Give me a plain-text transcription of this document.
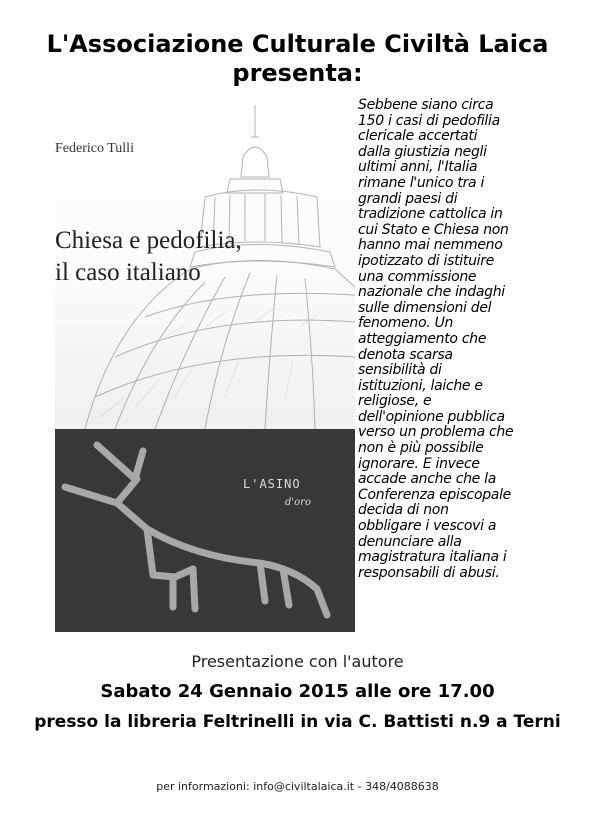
L'Associazione Culturale Civiltà Laica
presenta:
Federico Tulli
Chiesa e pedofilia,
il caso italiano
L'ASINO
d'oro
Sebbene siano circa
150 i casi di pedofilia
clericale accertati
dalla giustizia negli
ultimi anni, l'Italia
rimane l'unico tra i
grandi paesi di
tradizione cattolica in
cui Stato e Chiesa non
hanno mai nemmeno
ipotizzato di istituire
una commissione
nazionale che indaghi
sulle dimensioni del
fenomeno. Un
atteggiamento che
denota scarsa
sensibilità di
istituzioni, laiche e
religiose, e
dell'opinione pubblica
verso un problema che
non è più possibile
ignorare. E invece
accade anche che la
Conferenza episcopale
decida di non
obbligare i vescovi a
denunciare alla
magistratura italiana i
responsabili di abusi.
Presentazione con l'autore
Sabato 24 Gennaio 2015 alle ore 17.00
presso la libreria Feltrinelli in via C. Battisti n.9 a Terni
per informazioni: info@civiltalaica.it - 348/4088638
